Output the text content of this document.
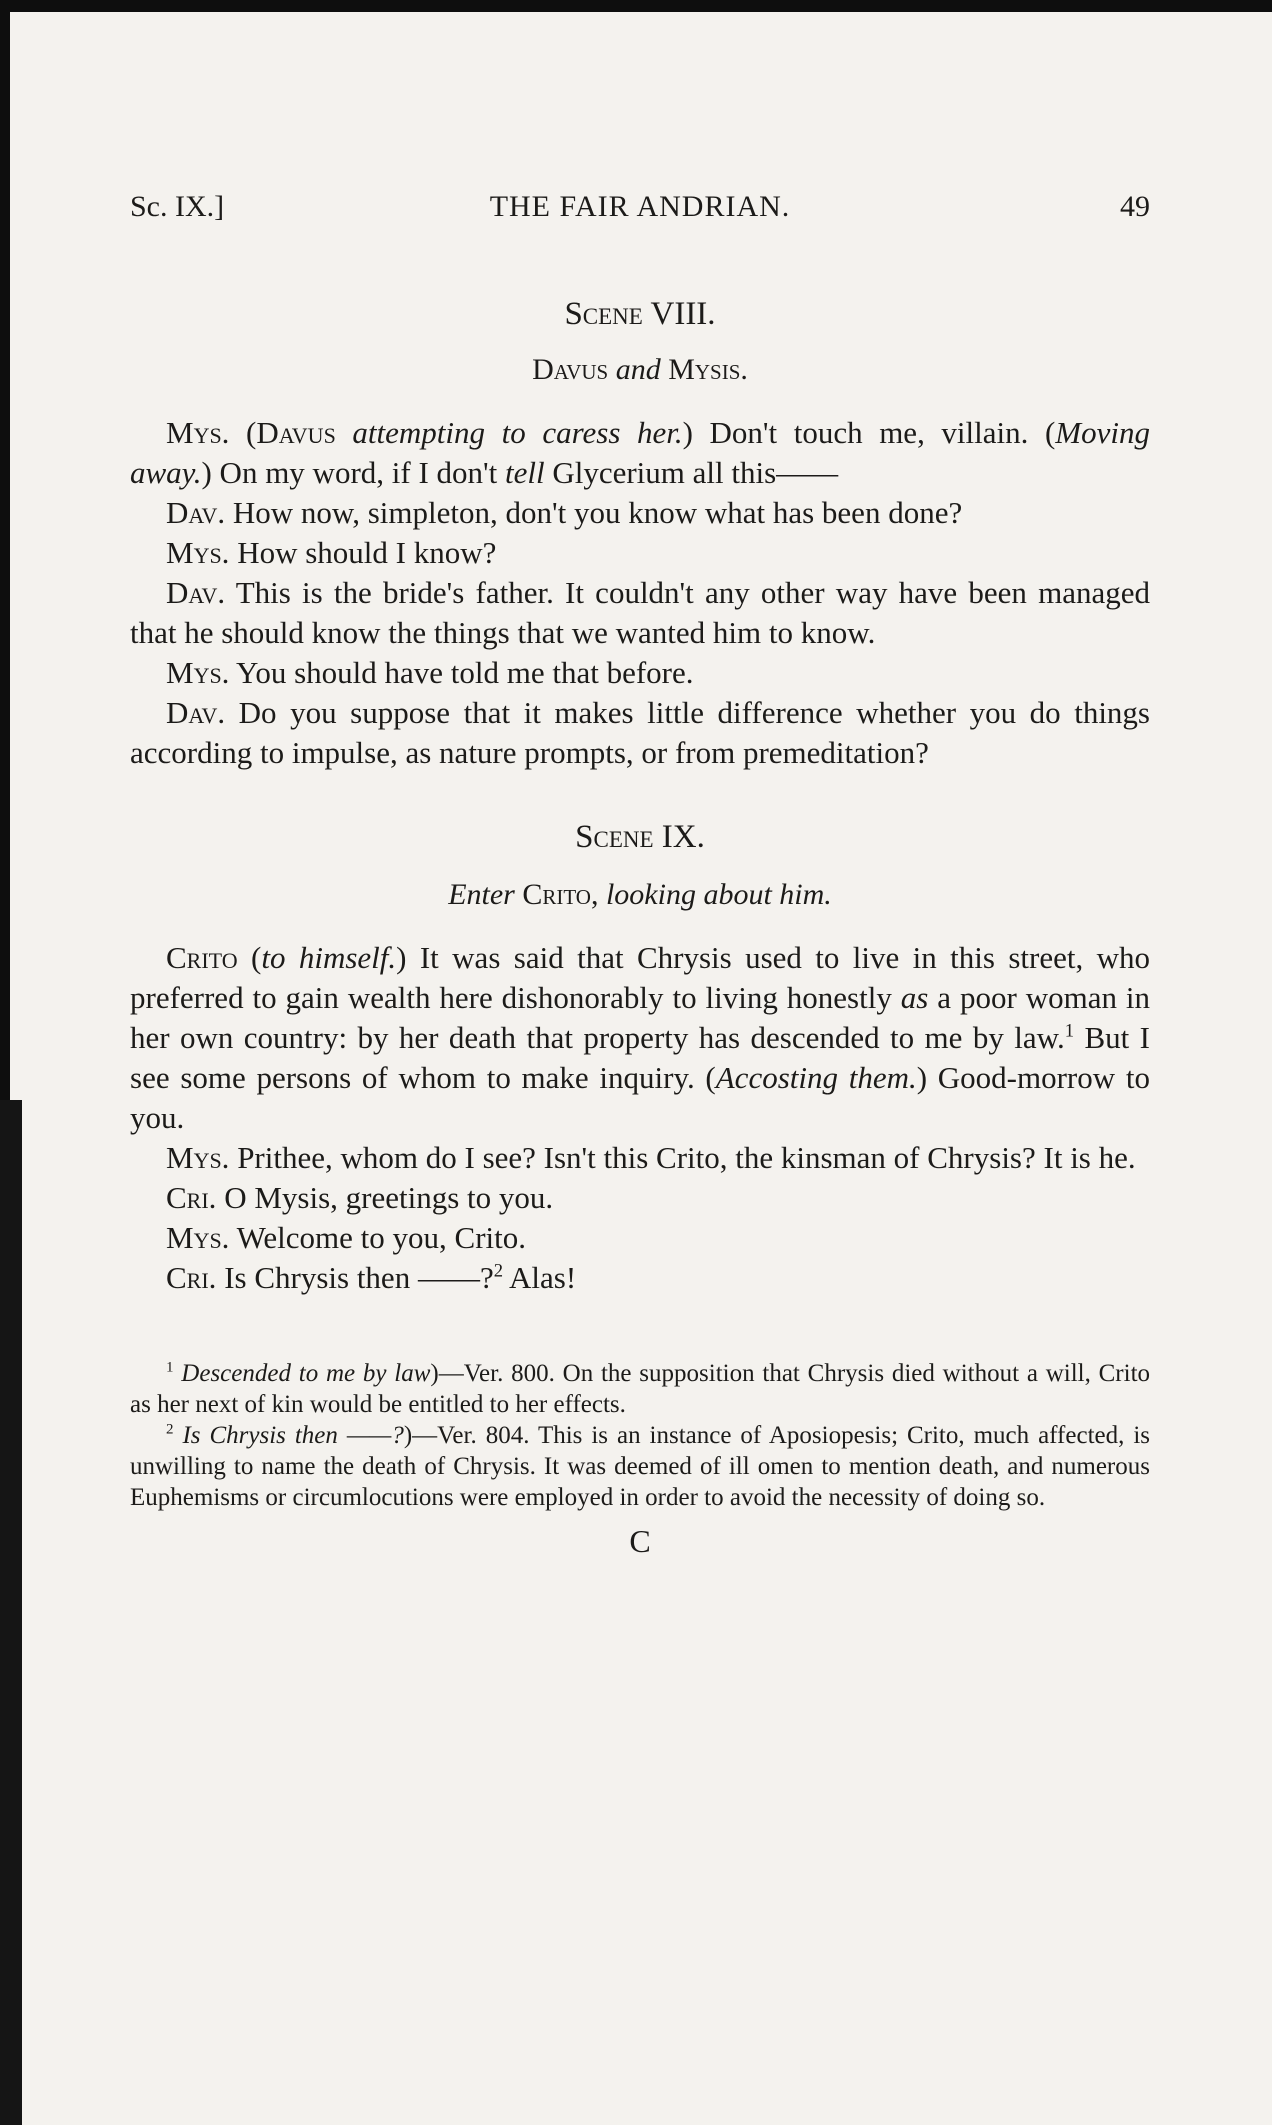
Sc. IX.]	THE FAIR ANDRIAN.	49
Scene VIII.
Davus and Mysis.

Mys. (Davus attempting to caress her.) Don't touch me, villain. (Moving away.) On my word, if I don't tell Glycerium all this——

Dav. How now, simpleton, don't you know what has been done?

Mys. How should I know?

Dav. This is the bride's father. It couldn't any other way have been managed that he should know the things that we wanted him to know.

Mys. You should have told me that before.

Dav. Do you suppose that it makes little difference whether you do things according to impulse, as nature prompts, or from premeditation?

Scene IX.
Enter Crito, looking about him.

Crito (to himself.) It was said that Chrysis used to live in this street, who preferred to gain wealth here dishonorably to living honestly as a poor woman in her own country: by her death that property has descended to me by law.$^1$ But I see some persons of whom to make inquiry. (Accosting them.) Good-morrow to you.

Mys. Prithee, whom do I see? Isn't this Crito, the kinsman of Chrysis? It is he.

Cri. O Mysis, greetings to you.

Mys. Welcome to you, Crito.

Cri. Is Chrysis then ——?$^2$ Alas!

$^1$ Descended to me by law)—Ver. 800. On the supposition that Chrysis died without a will, Crito as her next of kin would be entitled to her effects.

$^2$ Is Chrysis then ——?)—Ver. 804. This is an instance of Aposiopesis; Crito, much affected, is unwilling to name the death of Chrysis. It was deemed of ill omen to mention death, and numerous Euphemisms or circumlocutions were employed in order to avoid the necessity of doing so.

C
